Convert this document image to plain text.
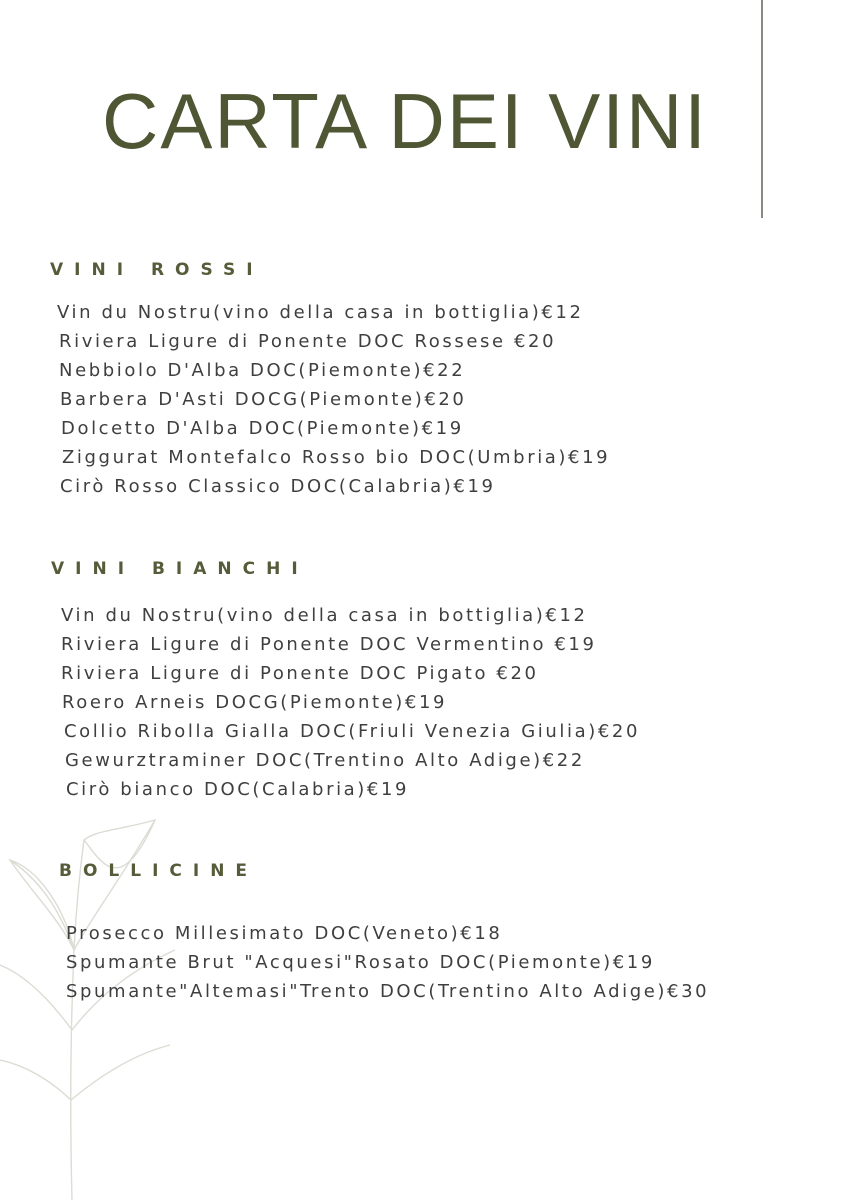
CARTA DEI VINI
VINI ROSSI
Vin du Nostru(vino della casa in bottiglia)€12
Riviera Ligure di Ponente DOC Rossese €20
Nebbiolo D'Alba DOC(Piemonte)€22
Barbera D'Asti DOCG(Piemonte)€20
Dolcetto D'Alba DOC(Piemonte)€19
Ziggurat Montefalco Rosso bio DOC(Umbria)€19
Cirò Rosso Classico DOC(Calabria)€19
VINI BIANCHI
Vin du Nostru(vino della casa in bottiglia)€12
Riviera Ligure di Ponente DOC Vermentino €19
Riviera Ligure di Ponente DOC Pigato €20
Roero Arneis DOCG(Piemonte)€19
Collio Ribolla Gialla DOC(Friuli Venezia Giulia)€20
Gewurztraminer DOC(Trentino Alto Adige)€22
Cirò bianco DOC(Calabria)€19
BOLLICINE
Prosecco Millesimato DOC(Veneto)€18
Spumante Brut "Acquesi"Rosato DOC(Piemonte)€19
Spumante"Altemasi"Trento DOC(Trentino Alto Adige)€30
